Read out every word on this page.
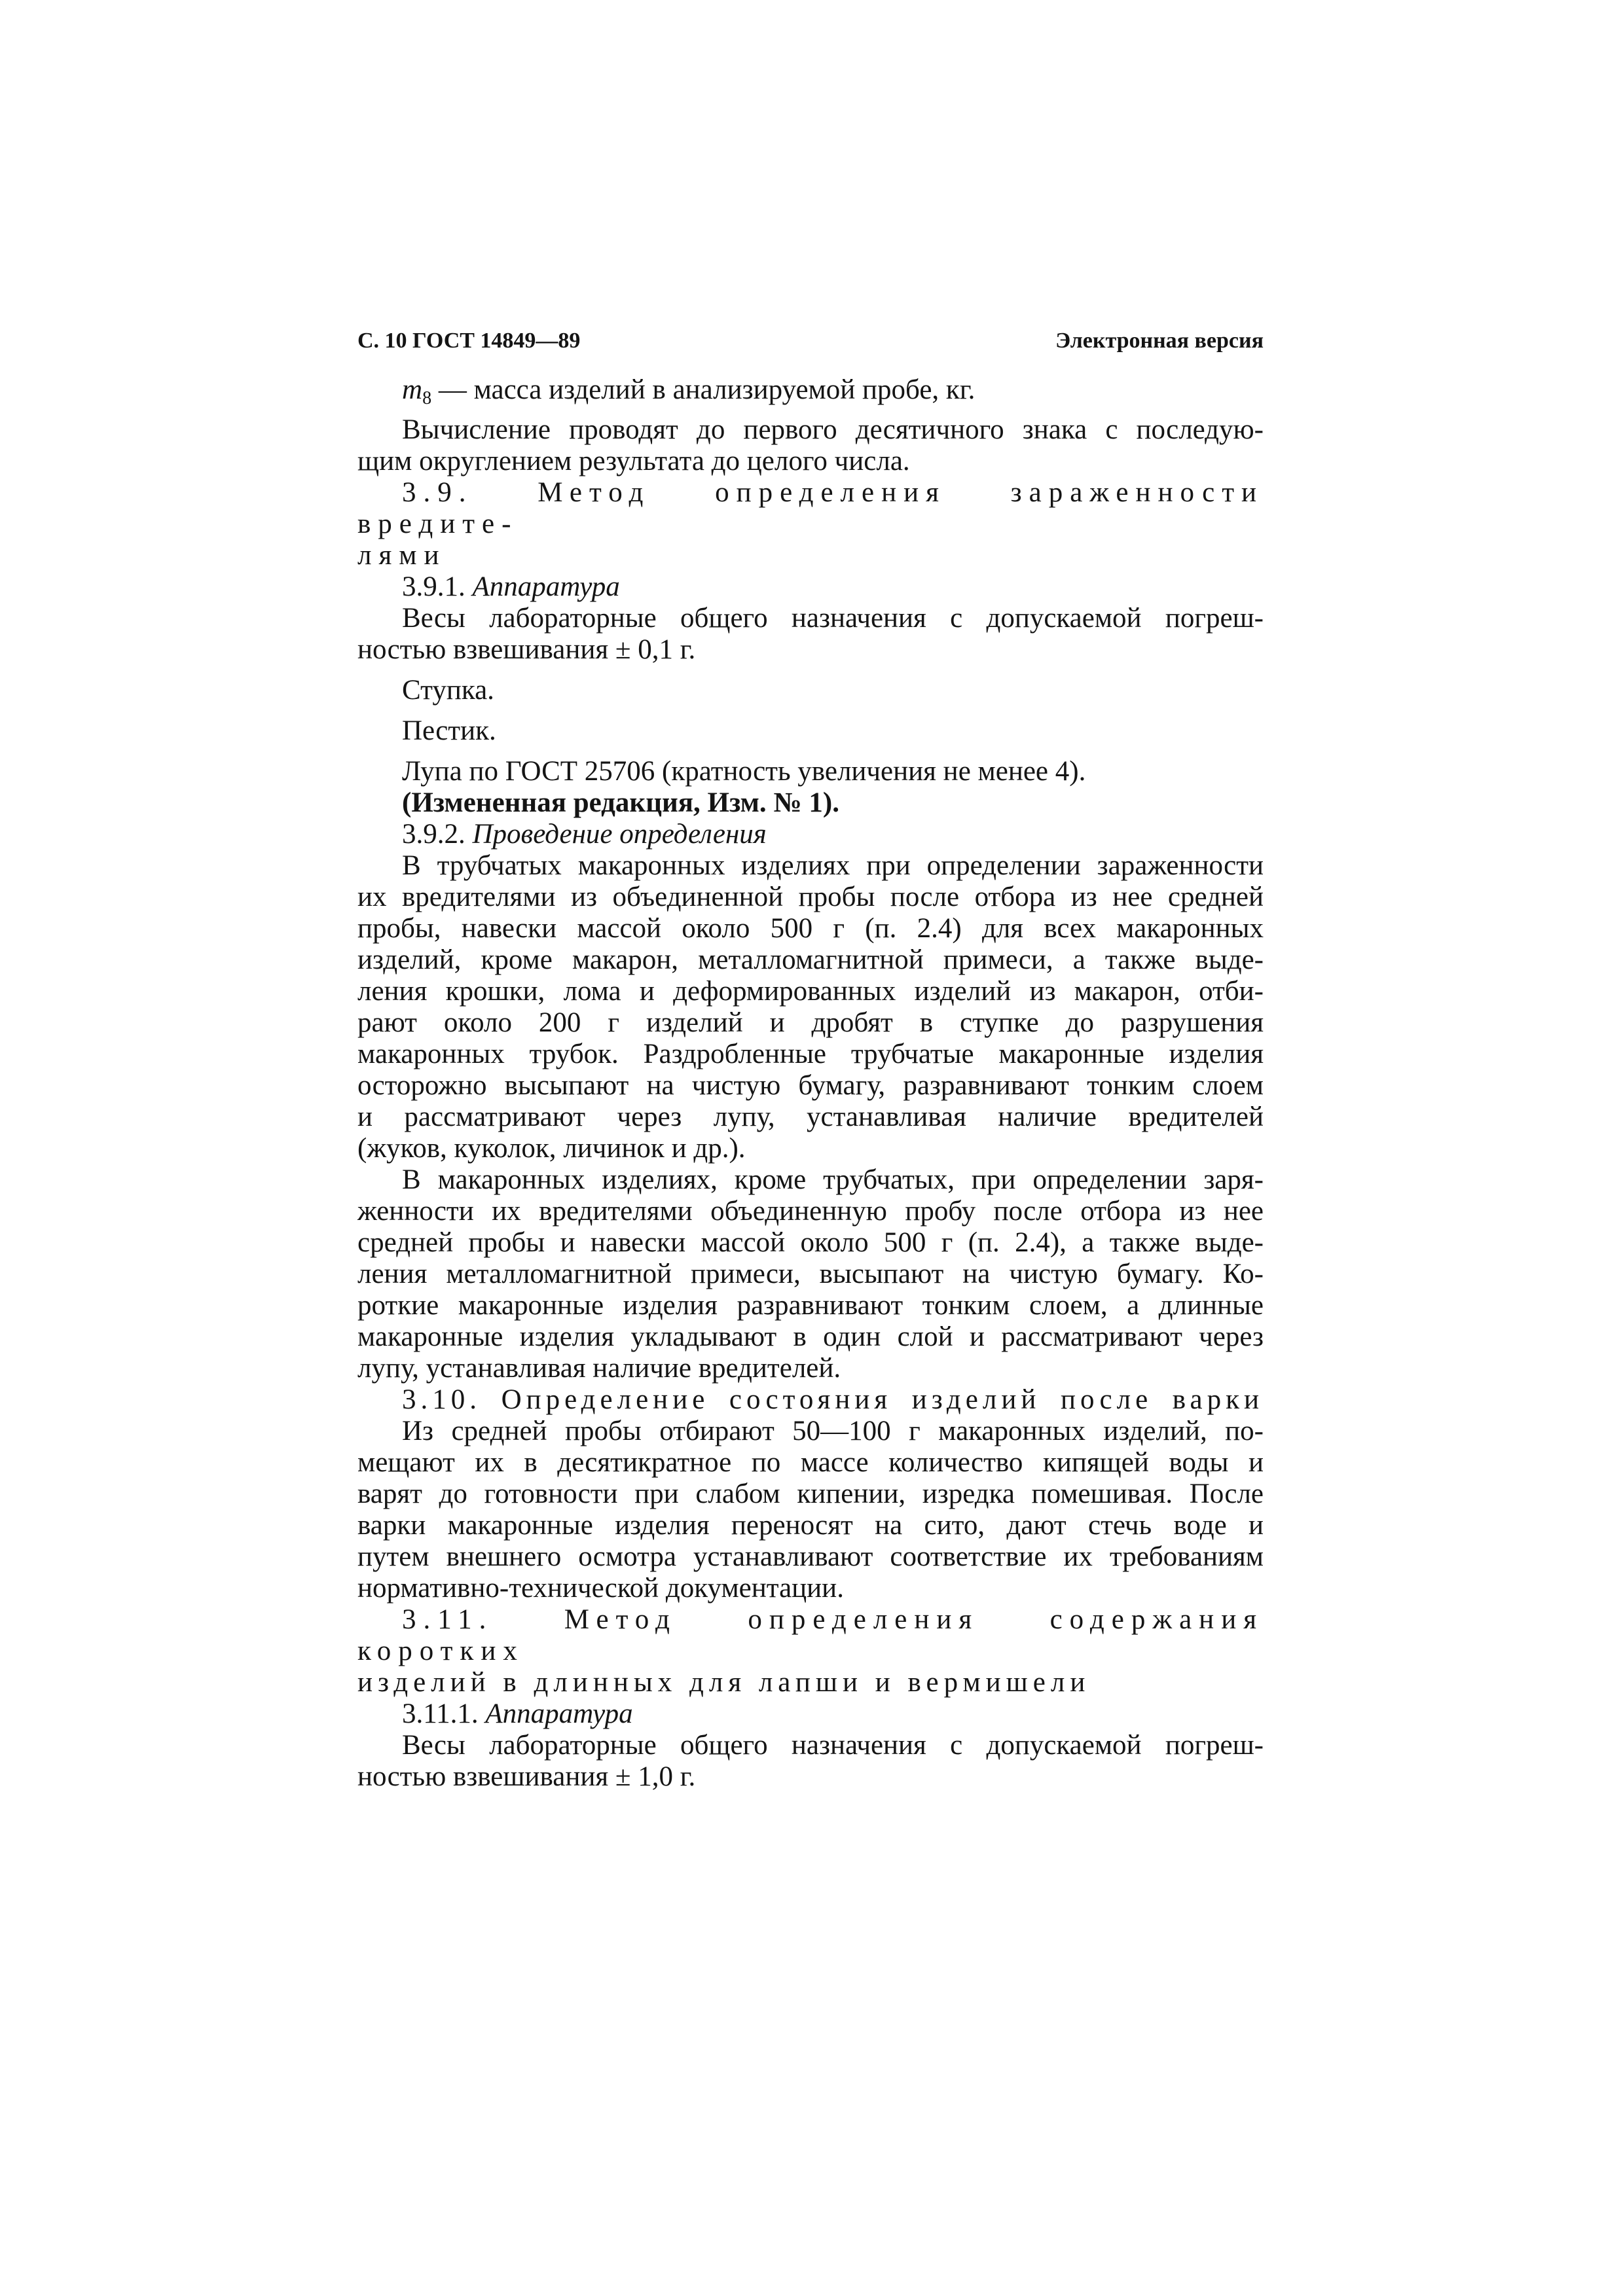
С. 10 ГОСТ 14849—89	Электронная версия

$m_8$ — масса изделий в анализируемой пробе, кг.

Вычисление проводят до первого десятичного знака с последую-

щим округлением результата до целого числа.

3.9. Метод определения зараженности вредите-

лями

3.9.1. Аппаратура

Весы лабораторные общего назначения с допускаемой погреш-

ностью взвешивания ± 0,1 г.

Ступка.

Пестик.

Лупа по ГОСТ 25706 (кратность увеличения не менее 4).

(Измененная редакция, Изм. № 1).

3.9.2. Проведение определения

В трубчатых макаронных изделиях при определении зараженности

их вредителями из объединенной пробы после отбора из нее средней

пробы, навески массой около 500 г (п. 2.4) для всех макаронных

изделий, кроме макарон, металломагнитной примеси, а также выде-

ления крошки, лома и деформированных изделий из макарон, отби-

рают около 200 г изделий и дробят в ступке до разрушения

макаронных трубок. Раздробленные трубчатые макаронные изделия

осторожно высыпают на чистую бумагу, разравнивают тонким слоем

и рассматривают через лупу, устанавливая наличие вредителей

(жуков, куколок, личинок и др.).

В макаронных изделиях, кроме трубчатых, при определении заря-

женности их вредителями объединенную пробу после отбора из нее

средней пробы и навески массой около 500 г (п. 2.4), а также выде-

ления металломагнитной примеси, высыпают на чистую бумагу. Ко-

роткие макаронные изделия разравнивают тонким слоем, а длинные

макаронные изделия укладывают в один слой и рассматривают через

лупу, устанавливая наличие вредителей.

3.10. Определение состояния изделий после варки

Из средней пробы отбирают 50—100 г макаронных изделий, по-

мещают их в десятикратное по массе количество кипящей воды и

варят до готовности при слабом кипении, изредка помешивая. После

варки макаронные изделия переносят на сито, дают стечь воде и

путем внешнего осмотра устанавливают соответствие их требованиям

нормативно-технической документации.

3.11. Метод определения содержания коротких

изделий в длинных для лапши и вермишели

3.11.1. Аппаратура

Весы лабораторные общего назначения с допускаемой погреш-

ностью взвешивания ± 1,0 г.
